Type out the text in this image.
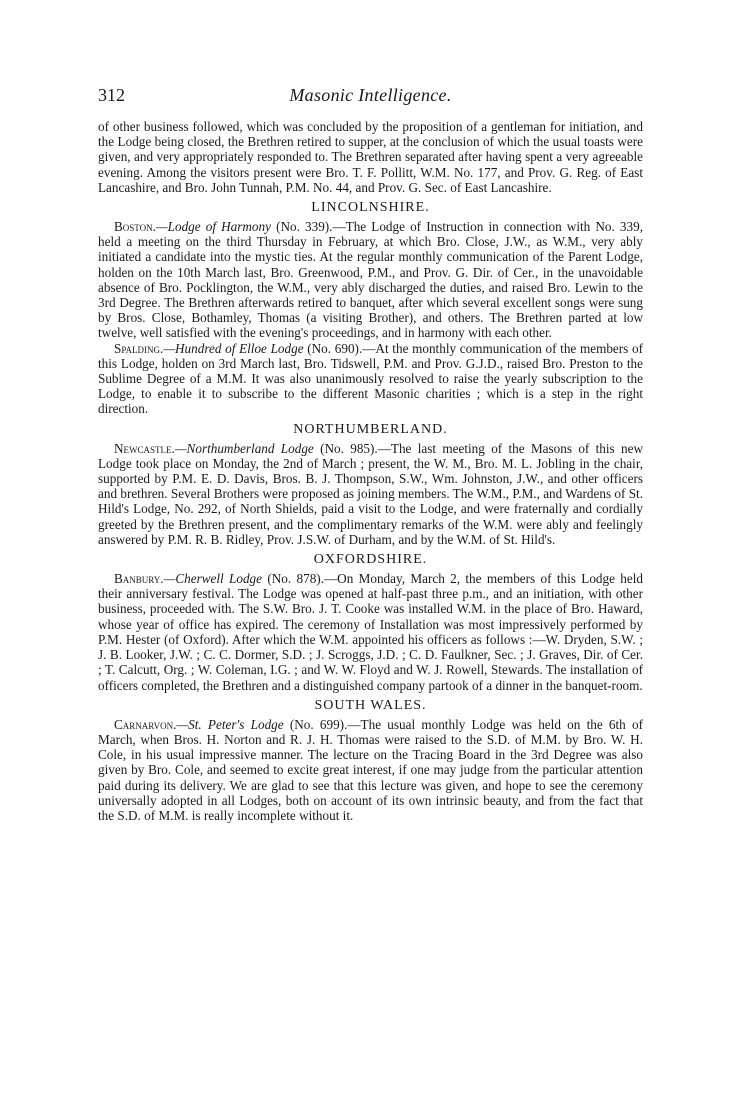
312	Masonic Intelligence.

of other business followed, which was concluded by the proposition of a gentleman for initiation, and the Lodge being closed, the Brethren retired to supper, at the conclusion of which the usual toasts were given, and very appropriately responded to. The Brethren separated after having spent a very agreeable evening. Among the visitors present were Bro. T. F. Pollitt, W.M. No. 177, and Prov. G. Reg. of East Lancashire, and Bro. John Tunnah, P.M. No. 44, and Prov. G. Sec. of East Lancashire.

LINCOLNSHIRE.

Boston.—Lodge of Harmony (No. 339).—The Lodge of Instruction in connection with No. 339, held a meeting on the third Thursday in February, at which Bro. Close, J.W., as W.M., very ably initiated a candidate into the mystic ties. At the regular monthly communication of the Parent Lodge, holden on the 10th March last, Bro. Greenwood, P.M., and Prov. G. Dir. of Cer., in the unavoidable absence of Bro. Pocklington, the W.M., very ably discharged the duties, and raised Bro. Lewin to the 3rd Degree. The Brethren afterwards retired to banquet, after which several excellent songs were sung by Bros. Close, Bothamley, Thomas (a visiting Brother), and others. The Brethren parted at low twelve, well satisfied with the evening's proceedings, and in harmony with each other.

Spalding.—Hundred of Elloe Lodge (No. 690).—At the monthly communication of the members of this Lodge, holden on 3rd March last, Bro. Tidswell, P.M. and Prov. G.J.D., raised Bro. Preston to the Sublime Degree of a M.M. It was also unanimously resolved to raise the yearly subscription to the Lodge, to enable it to subscribe to the different Masonic charities ; which is a step in the right direction.

NORTHUMBERLAND.

Newcastle.—Northumberland Lodge (No. 985).—The last meeting of the Masons of this new Lodge took place on Monday, the 2nd of March ; present, the W. M., Bro. M. L. Jobling in the chair, supported by P.M. E. D. Davis, Bros. B. J. Thompson, S.W., Wm. Johnston, J.W., and other officers and brethren. Several Brothers were proposed as joining members. The W.M., P.M., and Wardens of St. Hild's Lodge, No. 292, of North Shields, paid a visit to the Lodge, and were fraternally and cordially greeted by the Brethren present, and the complimentary remarks of the W.M. were ably and feelingly answered by P.M. R. B. Ridley, Prov. J.S.W. of Durham, and by the W.M. of St. Hild's.

OXFORDSHIRE.

Banbury.—Cherwell Lodge (No. 878).—On Monday, March 2, the members of this Lodge held their anniversary festival. The Lodge was opened at half-past three p.m., and an initiation, with other business, proceeded with. The S.W. Bro. J. T. Cooke was installed W.M. in the place of Bro. Haward, whose year of office has expired. The ceremony of Installation was most impressively performed by P.M. Hester (of Oxford). After which the W.M. appointed his officers as follows :—W. Dryden, S.W. ; J. B. Looker, J.W. ; C. C. Dormer, S.D. ; J. Scroggs, J.D. ; C. D. Faulkner, Sec. ; J. Graves, Dir. of Cer. ; T. Calcutt, Org. ; W. Coleman, I.G. ; and W. W. Floyd and W. J. Rowell, Stewards. The installation of officers completed, the Brethren and a distinguished company partook of a dinner in the banquet-room.

SOUTH WALES.

Carnarvon.—St. Peter's Lodge (No. 699).—The usual monthly Lodge was held on the 6th of March, when Bros. H. Norton and R. J. H. Thomas were raised to the S.D. of M.M. by Bro. W. H. Cole, in his usual impressive manner. The lecture on the Tracing Board in the 3rd Degree was also given by Bro. Cole, and seemed to excite great interest, if one may judge from the particular attention paid during its delivery. We are glad to see that this lecture was given, and hope to see the ceremony universally adopted in all Lodges, both on account of its own intrinsic beauty, and from the fact that the S.D. of M.M. is really incomplete without it.
